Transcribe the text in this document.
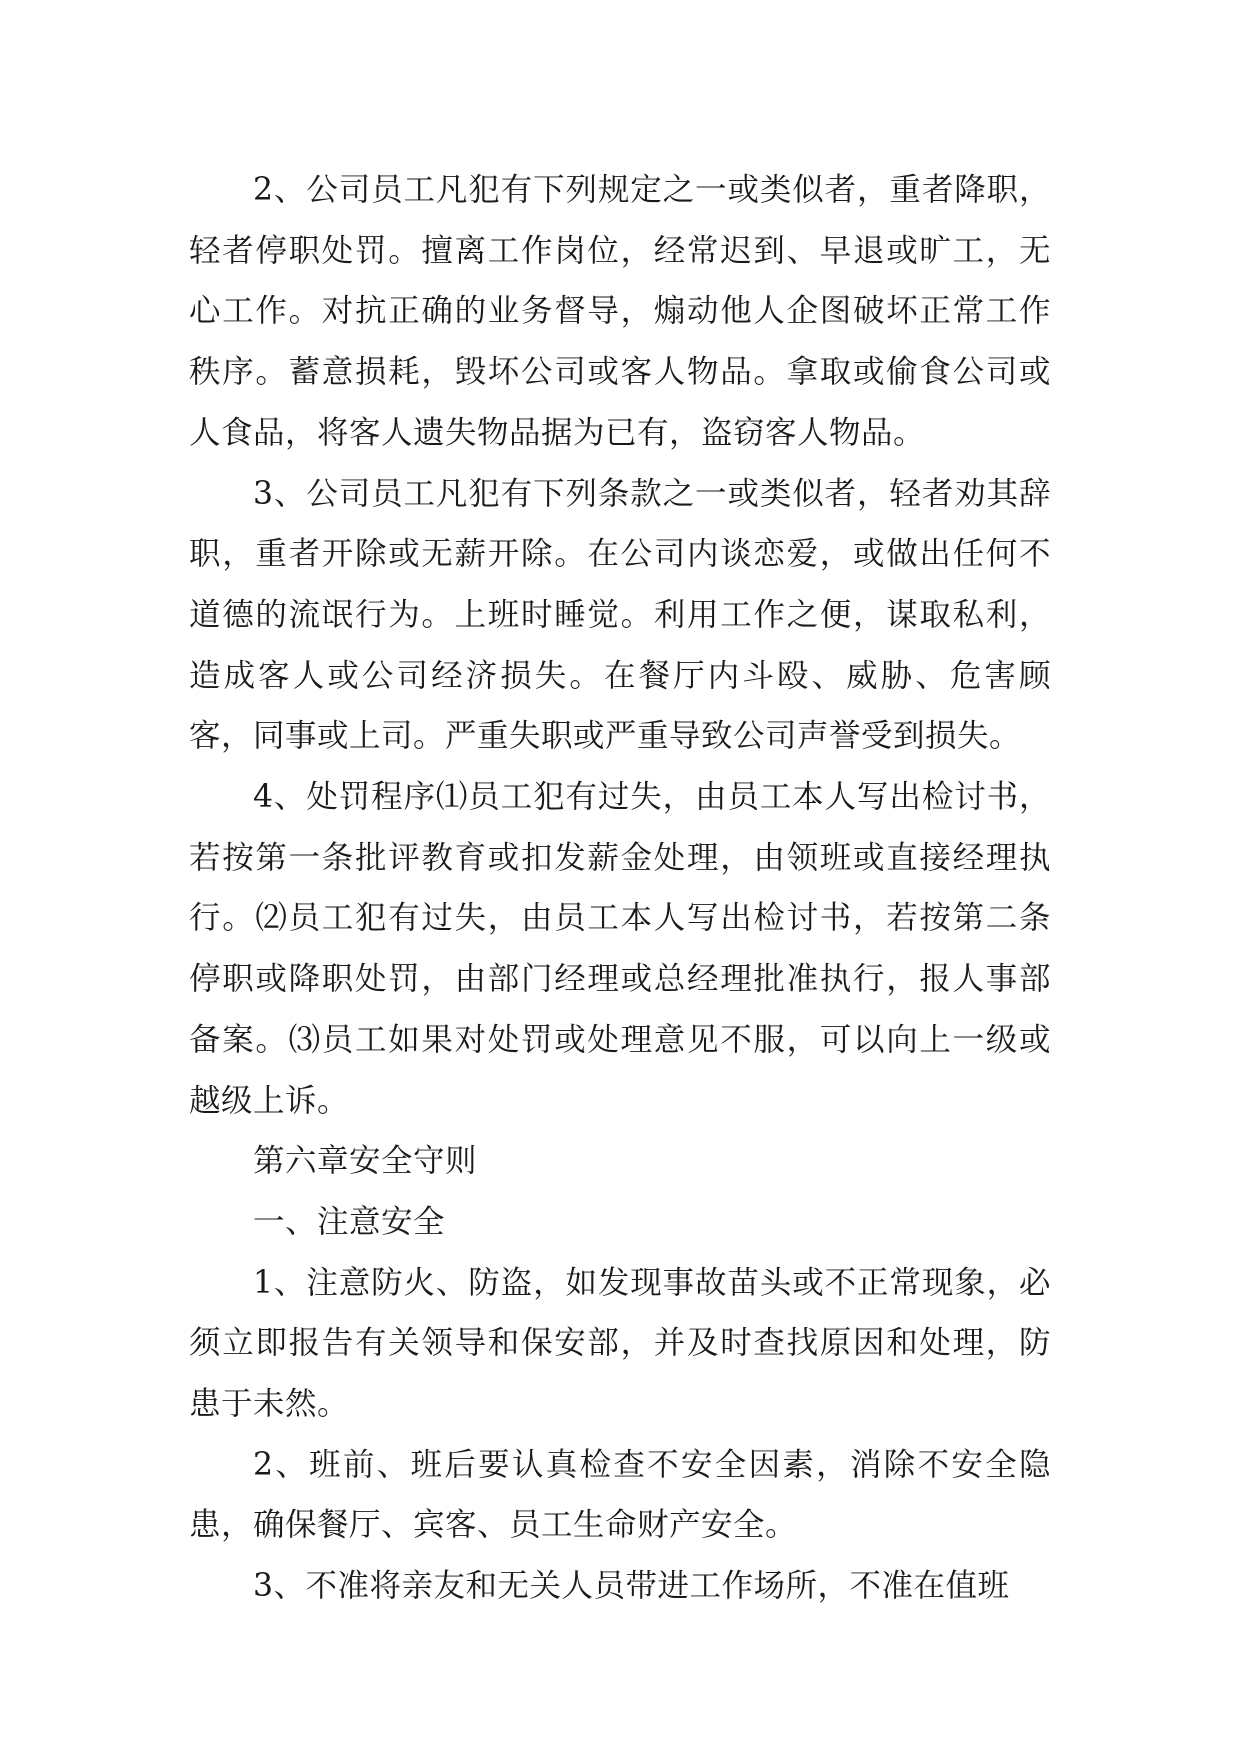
2、公司员工凡犯有下列规定之一或类似者，重者降职，轻者停职处罚。擅离工作岗位，经常迟到、早退或旷工，无心工作。对抗正确的业务督导，煽动他人企图破坏正常工作秩序。蓄意损耗，毁坏公司或客人物品。拿取或偷食公司或人食品，将客人遗失物品据为已有，盗窃客人物品。

3、公司员工凡犯有下列条款之一或类似者，轻者劝其辞职，重者开除或无薪开除。在公司内谈恋爱，或做出任何不道德的流氓行为。上班时睡觉。利用工作之便，谋取私利，造成客人或公司经济损失。在餐厅内斗殴、威胁、危害顾客，同事或上司。严重失职或严重导致公司声誉受到损失。

4、处罚程序⑴员工犯有过失，由员工本人写出检讨书，若按第一条批评教育或扣发薪金处理，由领班或直接经理执行。⑵员工犯有过失，由员工本人写出检讨书，若按第二条停职或降职处罚，由部门经理或总经理批准执行，报人事部备案。⑶员工如果对处罚或处理意见不服，可以向上一级或越级上诉。

第六章安全守则

一、注意安全

1、注意防火、防盗，如发现事故苗头或不正常现象，必须立即报告有关领导和保安部，并及时查找原因和处理，防患于未然。

2、班前、班后要认真检查不安全因素，消除不安全隐患，确保餐厅、宾客、员工生命财产安全。

3、不准将亲友和无关人员带进工作场所，不准在值班
